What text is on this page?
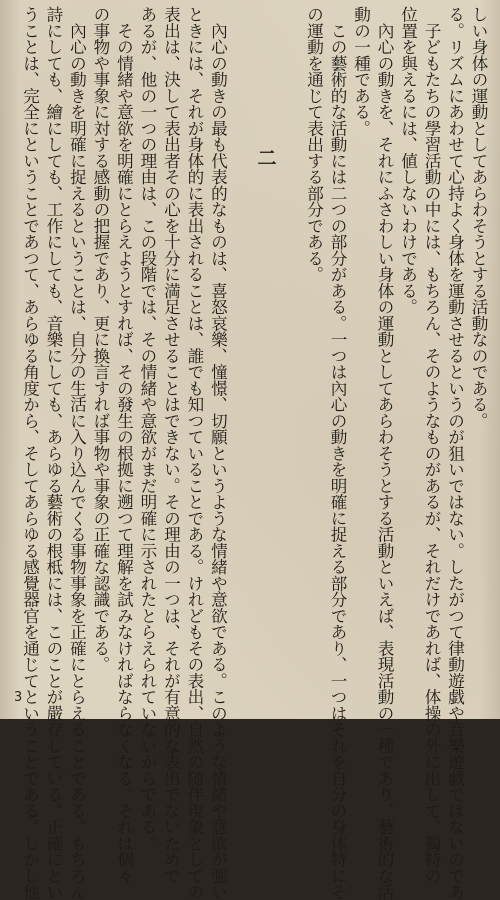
しい身体の運動としてあらわそうとする活動なのである。
る。リズムにあわせて心持よく身体を運動させるというのが狙いではない。したがつて律動遊戯や音樂遊戯ではないのであ
　子どもたちの學習活動の中には、もちろん、そのようなものがあるが、それだけであれば、体操の外に出して、獨特の
位置を與えるには、値しないわけである。
　內心の動きを、それにふさわしい身体の運動としてあらわそうとする活動といえば、表現活動の一種であり、藝術的な活
動の一種である。
　この藝術的な活動には二つの部分がある。一つは內心の動きを明確に捉える部分であり、一つはそれを自分の身体特にそ
の運動を通じて表出する部分である。
二
　內心の動きの最も代表的なものは、喜怒哀樂、憧憬、切願というような情緒や意欲である。このような情緒や意欲が強い
ときには、それが身体的に表出されることは、誰でも知つていることである。けれどもその表出、自然の随伴現象としての
表出は、決して表出者その心を十分に満足させることはできない。その理由の一つは、それが有意的な表出でないためで
あるが、他の一つの理由は、この段階では、その情緒や意欲がまだ明確に示されたとらえられていないからである。
　その情緒や意欲を明確にとらえようとすれば、その發生の根拠に遡つて理解を試みなければならなくなる。それは個々
の事物や事象に対する感動の把握であり、更に換言すれば事物や事象の正確な認識である。
　內心の動きを明確に捉えるということは、自分の生活に入り込んでくる事物事象を正確にとらえることである。もちろん
詩にしても、繪にしても、工作にしても、音樂にしても、あらゆる藝術の根柢には、このことが嚴存している。正確にとい
うことは、完全にということであつて、あらゆる角度から、そしてあらゆる感覺器官を通じてということである。しかし他
3
